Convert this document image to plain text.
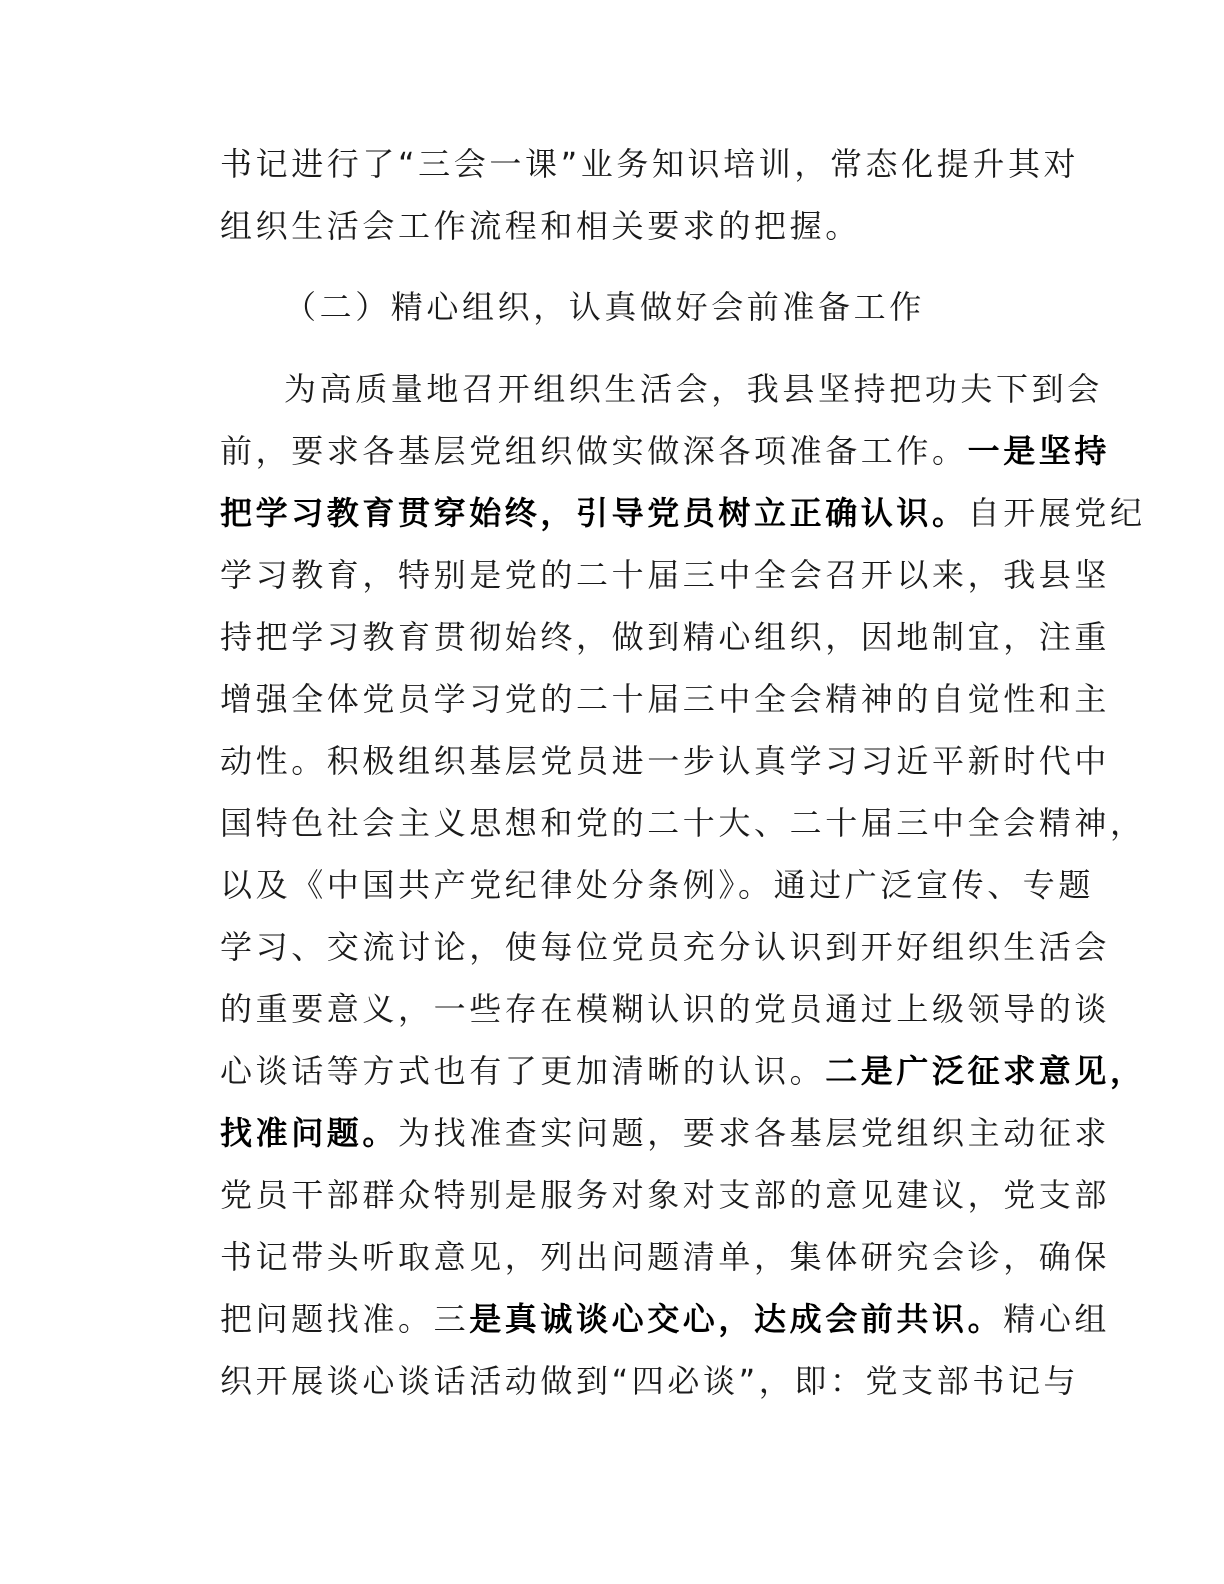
书记进行了“三会一课”业务知识培训，常态化提升其对
组织生活会工作流程和相关要求的把握。
（二）精心组织，认真做好会前准备工作
为高质量地召开组织生活会，我县坚持把功夫下到会
前，要求各基层党组织做实做深各项准备工作。一是坚持
把学习教育贯穿始终，引导党员树立正确认识。自开展党纪
学习教育，特别是党的二十届三中全会召开以来，我县坚
持把学习教育贯彻始终，做到精心组织，因地制宜，注重
增强全体党员学习党的二十届三中全会精神的自觉性和主
动性。积极组织基层党员进一步认真学习习近平新时代中
国特色社会主义思想和党的二十大、二十届三中全会精神，
以及《中国共产党纪律处分条例》。通过广泛宣传、专题
学习、交流讨论，使每位党员充分认识到开好组织生活会
的重要意义，一些存在模糊认识的党员通过上级领导的谈
心谈话等方式也有了更加清晰的认识。二是广泛征求意见，
找准问题。为找准查实问题，要求各基层党组织主动征求
党员干部群众特别是服务对象对支部的意见建议，党支部
书记带头听取意见，列出问题清单，集体研究会诊，确保
把问题找准。三是真诚谈心交心，达成会前共识。精心组
织开展谈心谈话活动做到“四必谈”，即：党支部书记与
